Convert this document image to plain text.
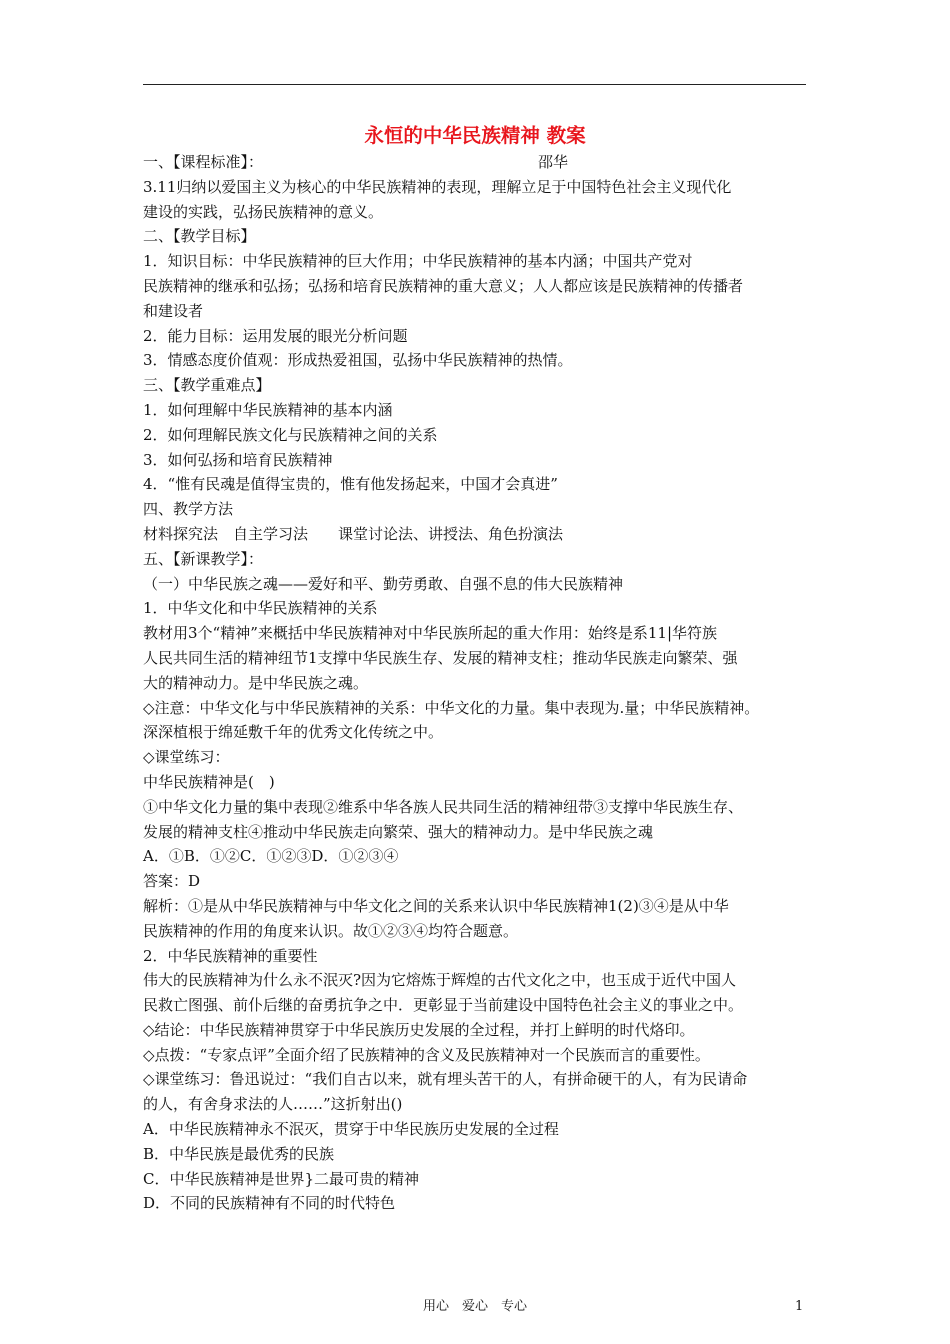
永恒的中华民族精神 教案
邵华
一、【课程标准】：
3.11归纳以爱国主义为核心的中华民族精神的表现，理解立足于中国特色社会主义现代化
建设的实践，弘扬民族精神的意义。
二、【教学目标】
1．知识目标：中华民族精神的巨大作用；中华民族精神的基本内涵；中国共产党对
民族精神的继承和弘扬；弘扬和培育民族精神的重大意义；人人都应该是民族精神的传播者
和建设者
2．能力目标：运用发展的眼光分析问题
3．情感态度价值观：形成热爱祖国，弘扬中华民族精神的热情。
三、【教学重难点】
1．如何理解中华民族精神的基本内涵
2．如何理解民族文化与民族精神之间的关系
3．如何弘扬和培育民族精神
4．“惟有民魂是值得宝贵的，惟有他发扬起来，中国才会真进”
四、教学方法
材料探究法　自主学习法　　课堂讨论法、讲授法、角色扮演法
五、【新课教学】：
（一）中华民族之魂——爱好和平、勤劳勇敢、自强不息的伟大民族精神
1．中华文化和中华民族精神的关系
教材用3个“精神”来概括中华民族精神对中华民族所起的重大作用：始终是系11|华符族
人民共同生活的精神纽节1支撑中华民族生存、发展的精神支柱；推动华民族走向繁荣、强
大的精神动力。是中华民族之魂。
◇注意：中华文化与中华民族精神的关系：中华文化的力量。集中表现为.量；中华民族精神。
深深植根于绵延敷千年的优秀文化传统之中。
◇课堂练习：
中华民族精神是(　)
①中华文化力量的集中表现②维系中华各族人民共同生活的精神纽带③支撑中华民族生存、
发展的精神支柱④推动中华民族走向繁荣、强大的精神动力。是中华民族之魂
A．①B．①②C．①②③D．①②③④
答案：D
解析：①是从中华民族精神与中华文化之间的关系来认识中华民族精神1(2)③④是从中华
民族精神的作用的角度来认识。故①②③④均符合题意。
2．中华民族精神的重要性
伟大的民族精神为什么永不泯灭?因为它熔炼于辉煌的古代文化之中，也玉成于近代中国人
民救亡图强、前仆后继的奋勇抗争之中．更彰显于当前建设中国特色社会主义的事业之中。
◇结论：中华民族精神贯穿于中华民族历史发展的全过程，并打上鲜明的时代烙印。
◇点拨：“专家点评”全面介绍了民族精神的含义及民族精神对一个民族而言的重要性。
◇课堂练习：鲁迅说过：“我们自古以来，就有埋头苦干的人，有拼命硬干的人，有为民请命
的人，有舍身求法的人……”这折射出()
A．中华民族精神永不泯灭，贯穿于中华民族历史发展的全过程
B．中华民族是最优秀的民族
C．中华民族精神是世界}二最可贵的精神
D．不同的民族精神有不同的时代特色
用心　爱心　专心	1
